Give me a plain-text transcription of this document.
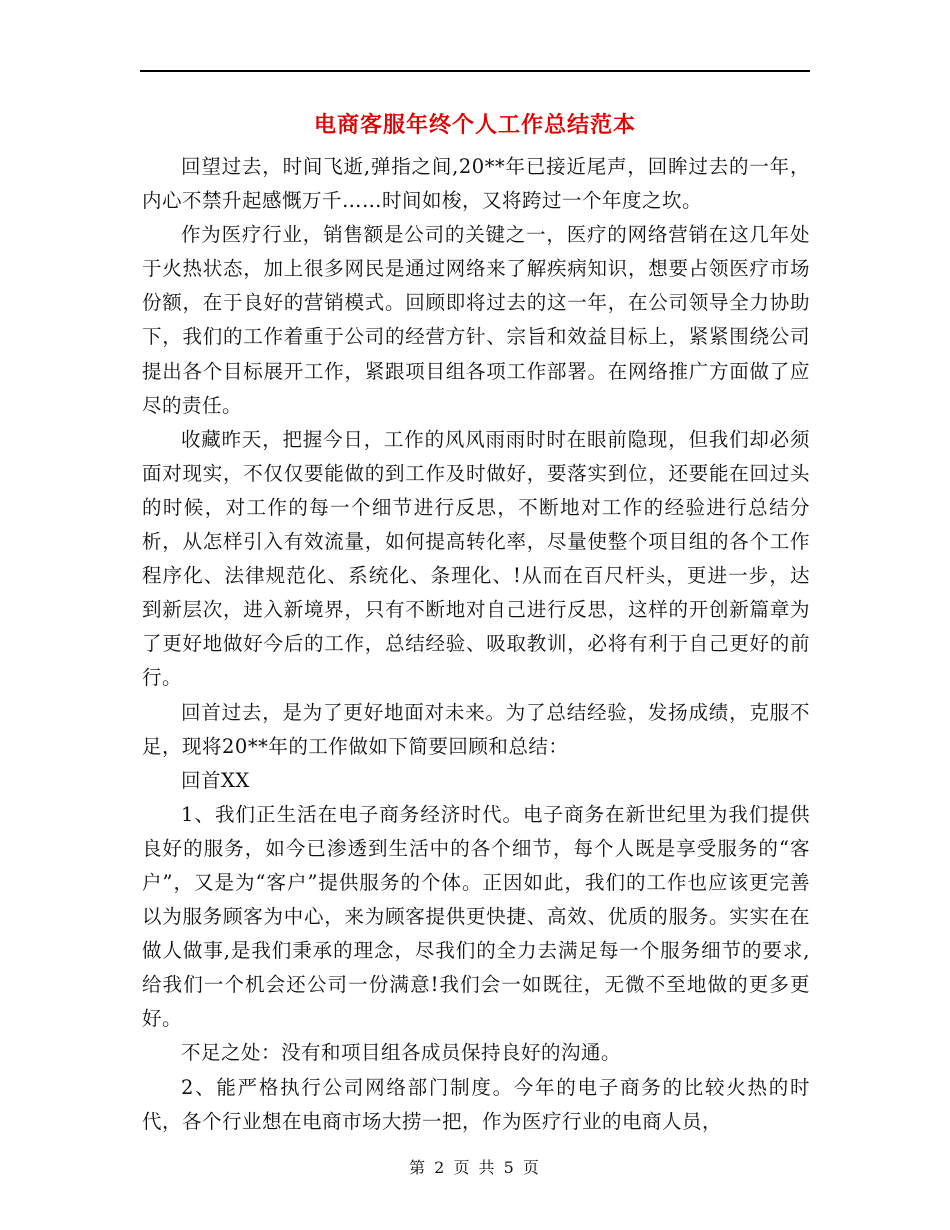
电商客服年终个人工作总结范本

回望过去，时间飞逝,弹指之间,20**年已接近尾声，回眸过去的一年，内心不禁升起感慨万千……时间如梭，又将跨过一个年度之坎。

作为医疗行业，销售额是公司的关键之一，医疗的网络营销在这几年处于火热状态，加上很多网民是通过网络来了解疾病知识，想要占领医疗市场份额，在于良好的营销模式。回顾即将过去的这一年，在公司领导全力协助下，我们的工作着重于公司的经营方针、宗旨和效益目标上，紧紧围绕公司提出各个目标展开工作，紧跟项目组各项工作部署。在网络推广方面做了应尽的责任。

收藏昨天，把握今日，工作的风风雨雨时时在眼前隐现，但我们却必须面对现实，不仅仅要能做的到工作及时做好，要落实到位，还要能在回过头的时候，对工作的每一个细节进行反思，不断地对工作的经验进行总结分析，从怎样引入有效流量，如何提高转化率，尽量使整个项目组的各个工作程序化、法律规范化、系统化、条理化、!从而在百尺杆头，更进一步，达到新层次，进入新境界，只有不断地对自己进行反思，这样的开创新篇章为了更好地做好今后的工作，总结经验、吸取教训，必将有利于自己更好的前行。

回首过去，是为了更好地面对未来。为了总结经验，发扬成绩，克服不足，现将20**年的工作做如下简要回顾和总结：

回首XX

1、我们正生活在电子商务经济时代。电子商务在新世纪里为我们提供良好的服务，如今已渗透到生活中的各个细节，每个人既是享受服务的“客户”，又是为“客户”提供服务的个体。正因如此，我们的工作也应该更完善以为服务顾客为中心，来为顾客提供更快捷、高效、优质的服务。实实在在做人做事,是我们秉承的理念，尽我们的全力去满足每一个服务细节的要求,给我们一个机会还公司一份满意!我们会一如既往，无微不至地做的更多更好。

不足之处：没有和项目组各成员保持良好的沟通。

2、能严格执行公司网络部门制度。今年的电子商务的比较火热的时代，各个行业想在电商市场大捞一把，作为医疗行业的电商人员，

第 2 页 共 5 页
